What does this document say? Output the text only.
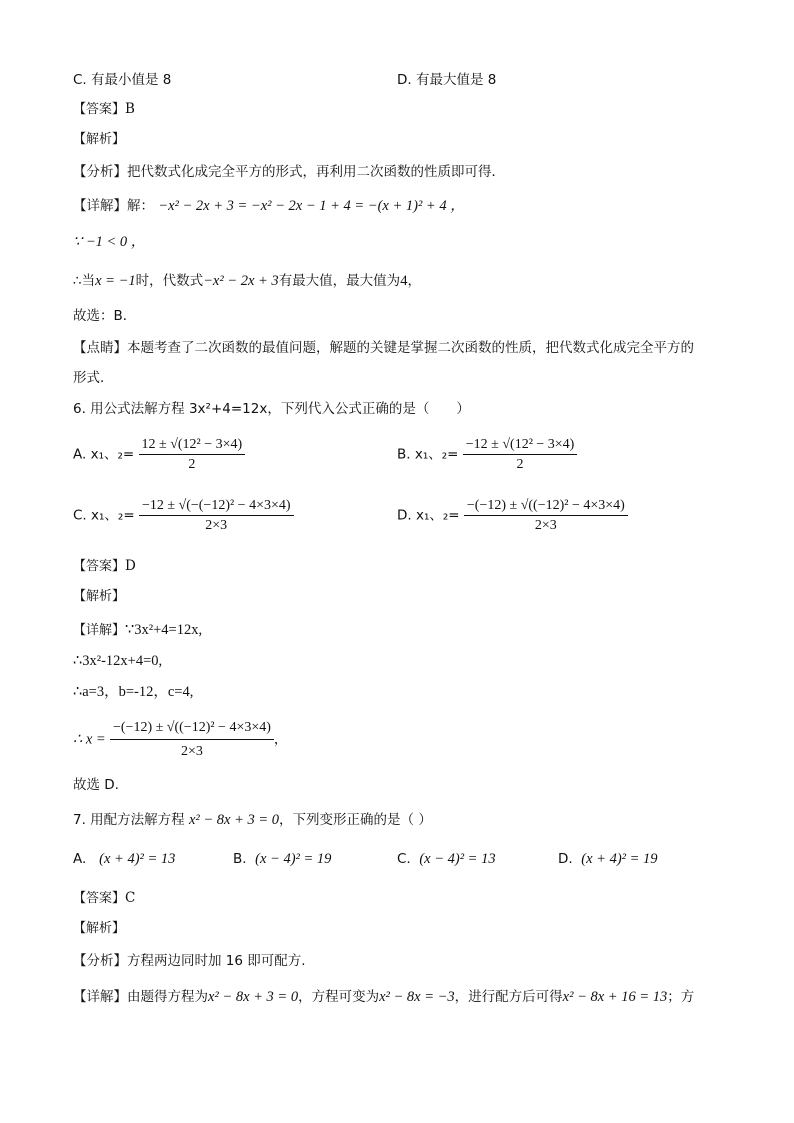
C. 有最小值是 8	D. 有最大值是 8
【答案】B
【解析】
【分析】把代数式化成完全平方的形式，再利用二次函数的性质即可得．
【详解】解： −x² − 2x + 3 = −x² − 2x − 1 + 4 = −(x + 1)² + 4 ，
∵ −1 < 0 ，
∴当x = −1时，代数式−x² − 2x + 3有最大值，最大值为4，
故选：B．
【点睛】本题考查了二次函数的最值问题，解题的关键是掌握二次函数的性质，把代数式化成完全平方的
形式．
6. 用公式法解方程 3x²+4=12x，下列代入公式正确的是（　　）
A. x₁、$_2= \frac{\text{12 ± √(12² − 3×4)}}{2}$	B. x₁、$_2= \frac{\text{−12 ± √(12² − 3×4)}}{2}$
C. x₁、$_2= \frac{\text{−12 ± √(−(−12)² − 4×3×4)}}{2\times 3}$	D. x₁、$_2= \frac{\text{−(−12) ± √((−12)² − 4×3×4)}}{2\times 3}$
【答案】D
【解析】
【详解】∵3x²+4=12x,
∴3x²-12x+4=0,
∴a=3，b=-12，c=4,
∴ $x = \frac{\text{−(−12) ± √((−12)² − 4×3×4)}}{2\times 3}$ ，
故选 D.
7. 用配方法解方程 x² − 8x + 3 = 0，下列变形正确的是（ ）
A. (x + 4)² = 13	B. (x − 4)² = 19	C. (x − 4)² = 13	D. (x + 4)² = 19
【答案】C
【解析】
【分析】方程两边同时加 16 即可配方.
【详解】由题得方程为x² − 8x + 3 = 0，方程可变为x² − 8x = −3，进行配方后可得x² − 8x + 16 = 13；方
